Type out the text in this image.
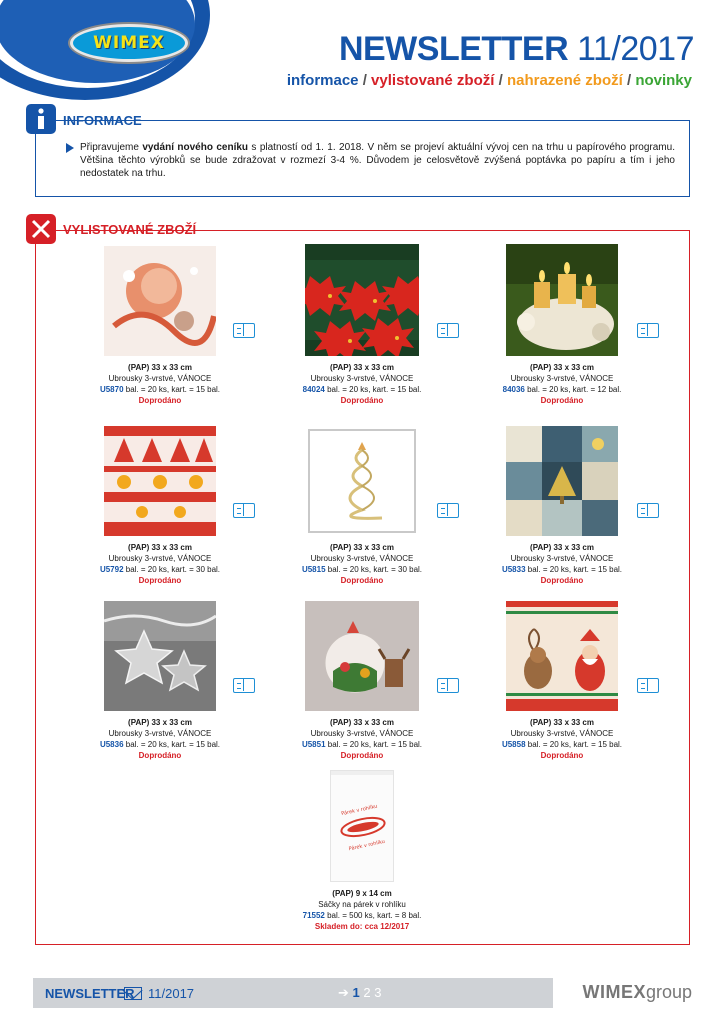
WIMEX	NEWSLETTER 11/2017
informace / vylistované zboží / nahrazené zboží / novinky
INFORMACE
Připravujeme vydání nového ceníku s platností od 1. 1. 2018. V něm se projeví aktuální vývoj cen na trhu u papírového programu. Většina těchto výrobků se bude zdražovat v rozmezí 3-4 %. Důvodem je celosvětově zvýšená poptávka po papíru a tím i jeho nedostatek na trhu.
VYLISTOVANÉ ZBOŽÍ
(PAP) 33 x 33 cm
Ubrousky 3-vrstvé, VÁNOCE
U5870 bal. = 20 ks, kart. = 15 bal.
Doprodáno
(PAP) 33 x 33 cm
Ubrousky 3-vrstvé, VÁNOCE
84024 bal. = 20 ks, kart. = 15 bal.
Doprodáno
(PAP) 33 x 33 cm
Ubrousky 3-vrstvé, VÁNOCE
84036 bal. = 20 ks, kart. = 12 bal.
Doprodáno
(PAP) 33 x 33 cm
Ubrousky 3-vrstvé, VÁNOCE
U5792 bal. = 20 ks, kart. = 30 bal.
Doprodáno
(PAP) 33 x 33 cm
Ubrousky 3-vrstvé, VÁNOCE
U5815 bal. = 20 ks, kart. = 30 bal.
Doprodáno
(PAP) 33 x 33 cm
Ubrousky 3-vrstvé, VÁNOCE
U5833 bal. = 20 ks, kart. = 15 bal.
Doprodáno
(PAP) 33 x 33 cm
Ubrousky 3-vrstvé, VÁNOCE
U5836 bal. = 20 ks, kart. = 15 bal.
Doprodáno
(PAP) 33 x 33 cm
Ubrousky 3-vrstvé, VÁNOCE
U5851 bal. = 20 ks, kart. = 15 bal.
Doprodáno
(PAP) 33 x 33 cm
Ubrousky 3-vrstvé, VÁNOCE
U5858 bal. = 20 ks, kart. = 15 bal.
Doprodáno
Párek v rohlíku
Párek v rohlíku
(PAP) 9 x 14 cm
Sáčky na párek v rohlíku
71552 bal. = 500 ks, kart. = 8 bal.
Skladem do: cca 12/2017
NEWSLETTER 11/2017	➔ 1 2 3	WIMEXgroup
